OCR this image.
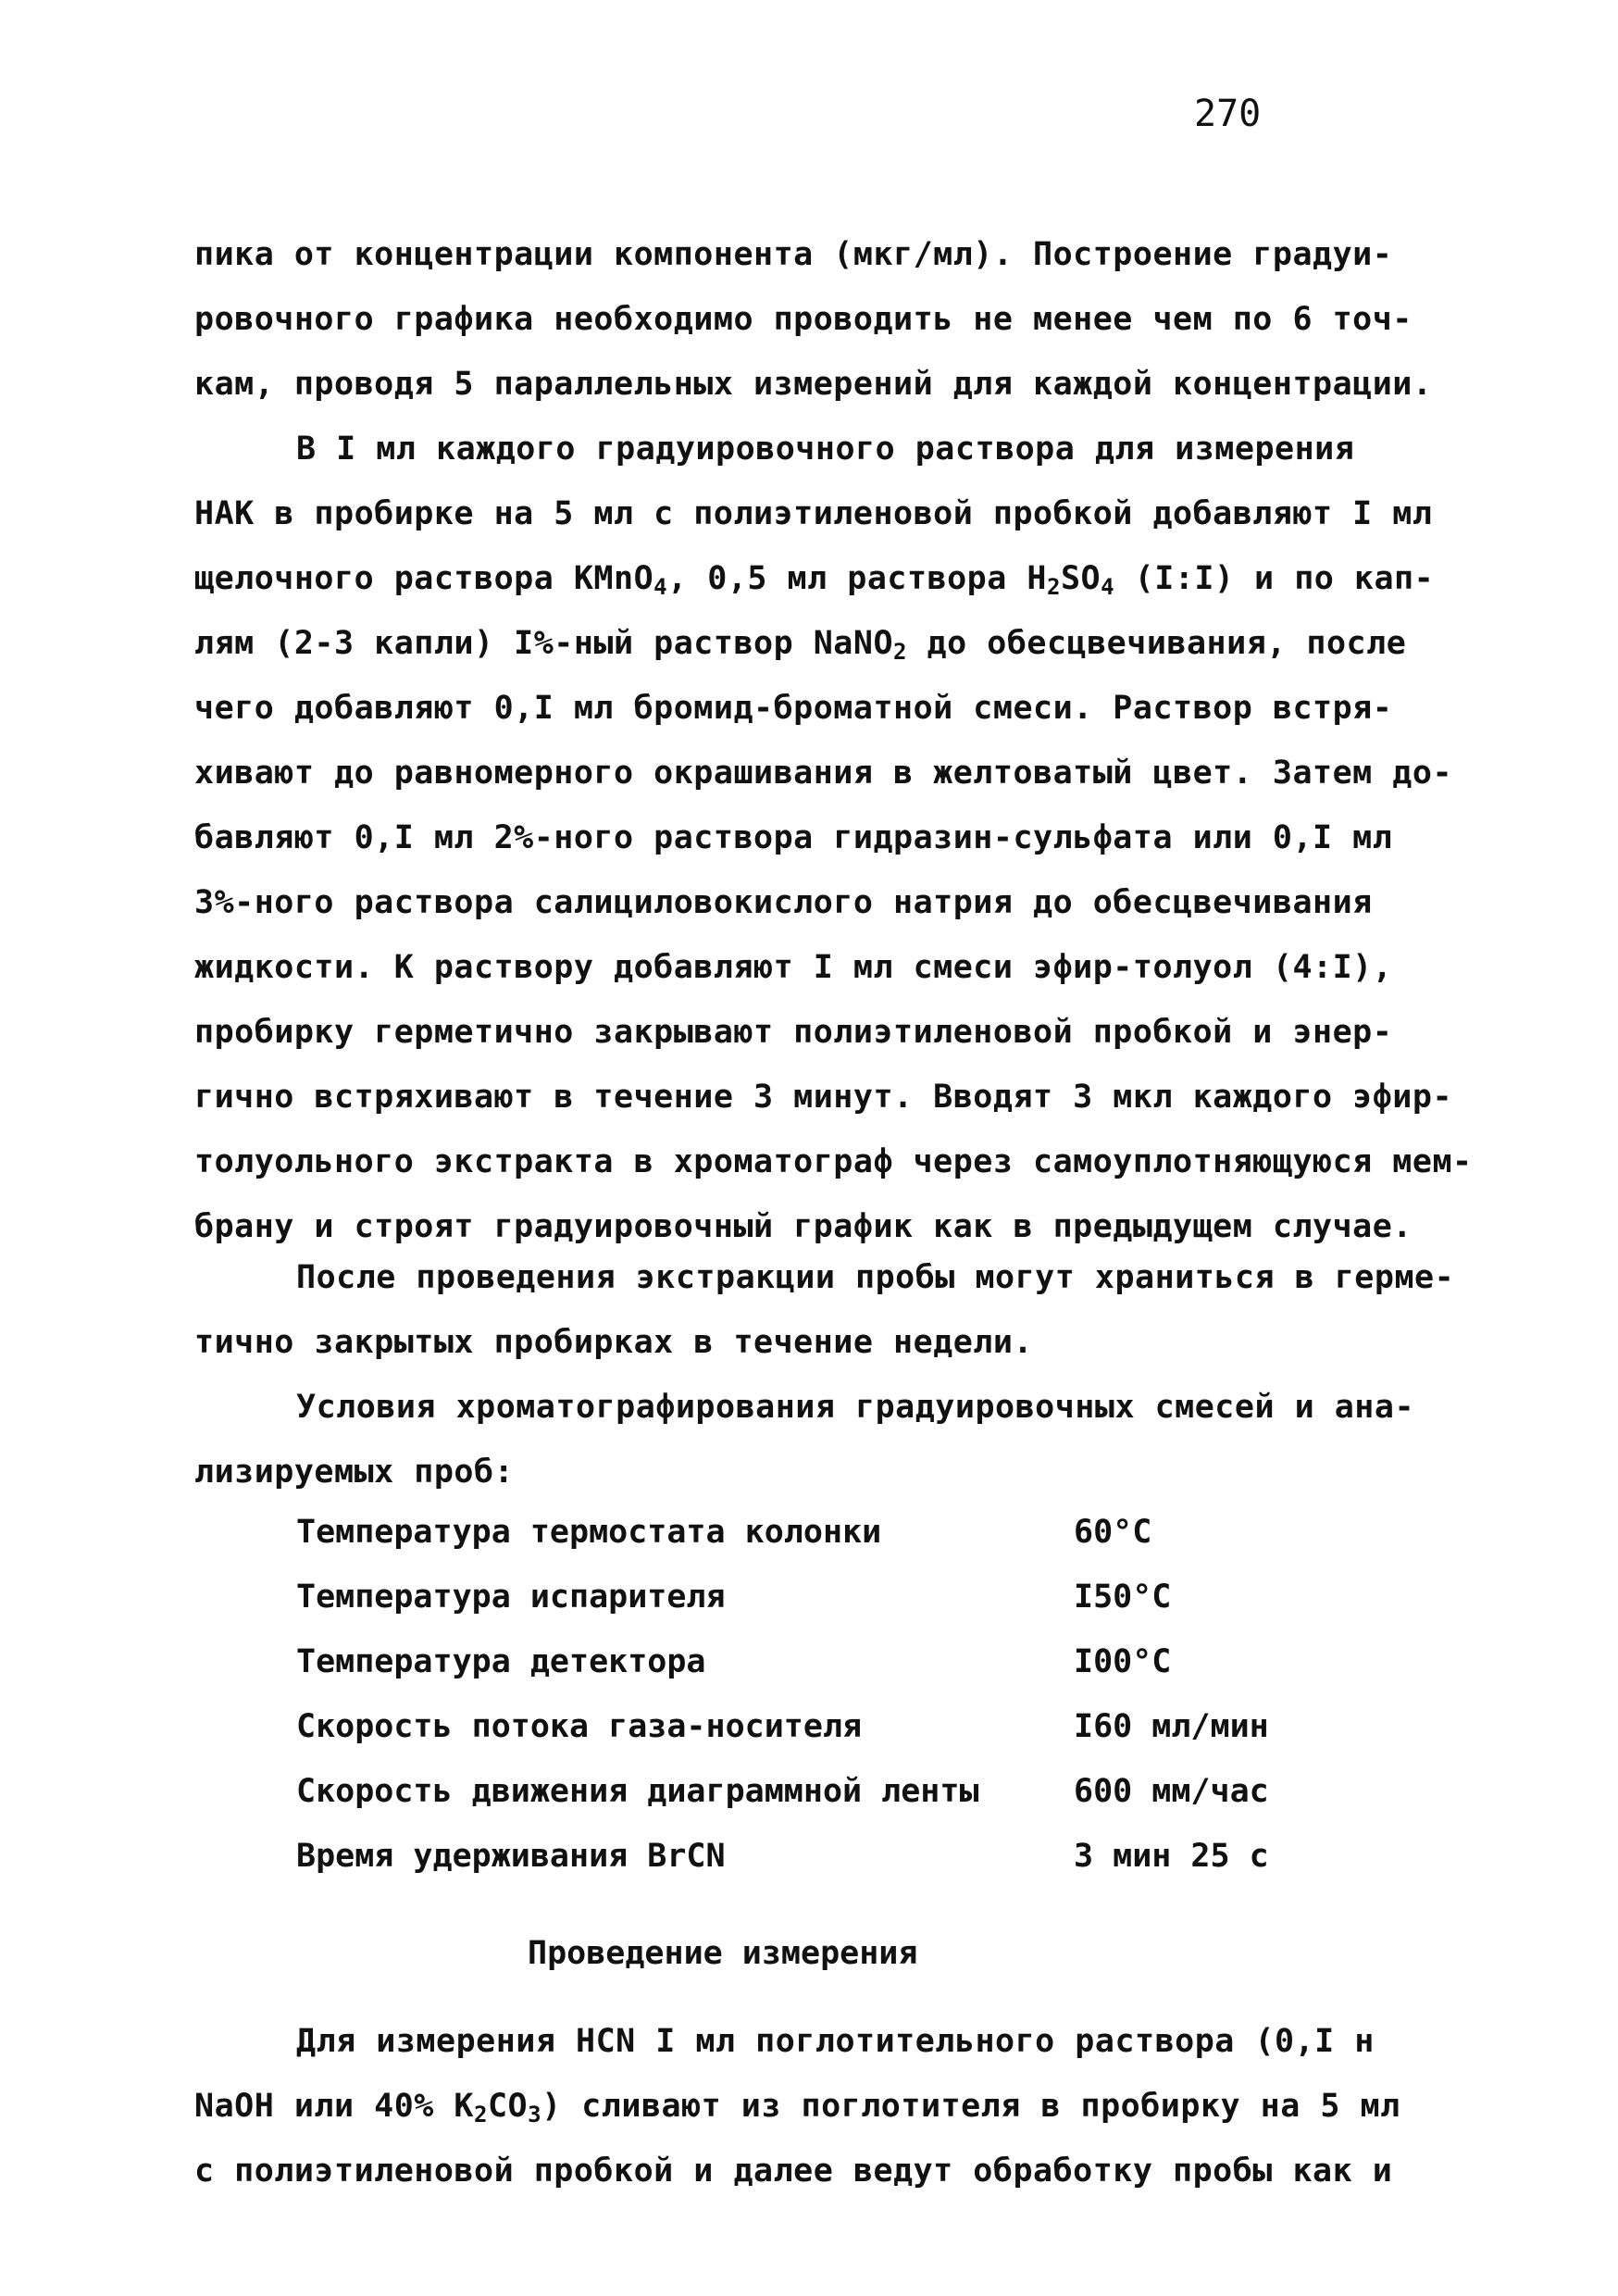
270
пика от концентрации компонента (мкг/мл). Построение градуи-
ровочного графика необходимо проводить не менее чем по 6 точ-
кам, проводя 5 параллельных измерений для каждой концентрации.
В I мл каждого градуировочного раствора для измерения
НАК в пробирке на 5 мл с полиэтиленовой пробкой добавляют I мл
щелочного раствора КMnO$_4$, 0,5 мл раствора $H_2SO_4$ (I:I) и по кап-
лям (2-3 капли) I%-ный раствор NaNO$_2$ до обесцвечивания, после
чего добавляют 0,I мл бромид-броматной смеси. Раствор встря-
хивают до равномерного окрашивания в желтоватый цвет. Затем до-
бавляют 0,I мл 2%-ного раствора гидразин-сульфата или 0,I мл
3%-ного раствора салициловокислого натрия до обесцвечивания
жидкости. К раствору добавляют I мл смеси эфир-толуол (4:I),
пробирку герметично закрывают полиэтиленовой пробкой и энер-
гично встряхивают в течение 3 минут. Вводят 3 мкл каждого эфир-
толуольного экстракта в хроматограф через самоуплотняющуюся мем-
брану и строят градуировочный график как в предыдущем случае.
После проведения экстракции пробы могут храниться в герме-
тично закрытых пробирках в течение недели.
Условия хроматографирования градуировочных смесей и ана-
лизируемых проб:
Температура термостата колонки	60°C
Температура испарителя	I50°C
Температура детектора	I00°C
Скорость потока газа-носителя	I60 мл/мин
Скорость движения диаграммной ленты	600 мм/час
Время удерживания BrCN	3 мин 25 с
Проведение измерения
Для измерения HCN I мл поглотительного раствора (0,I н
NaOH или 40% $K_2CO_3$) сливают из поглотителя в пробирку на 5 мл
с полиэтиленовой пробкой и далее ведут обработку пробы как и
